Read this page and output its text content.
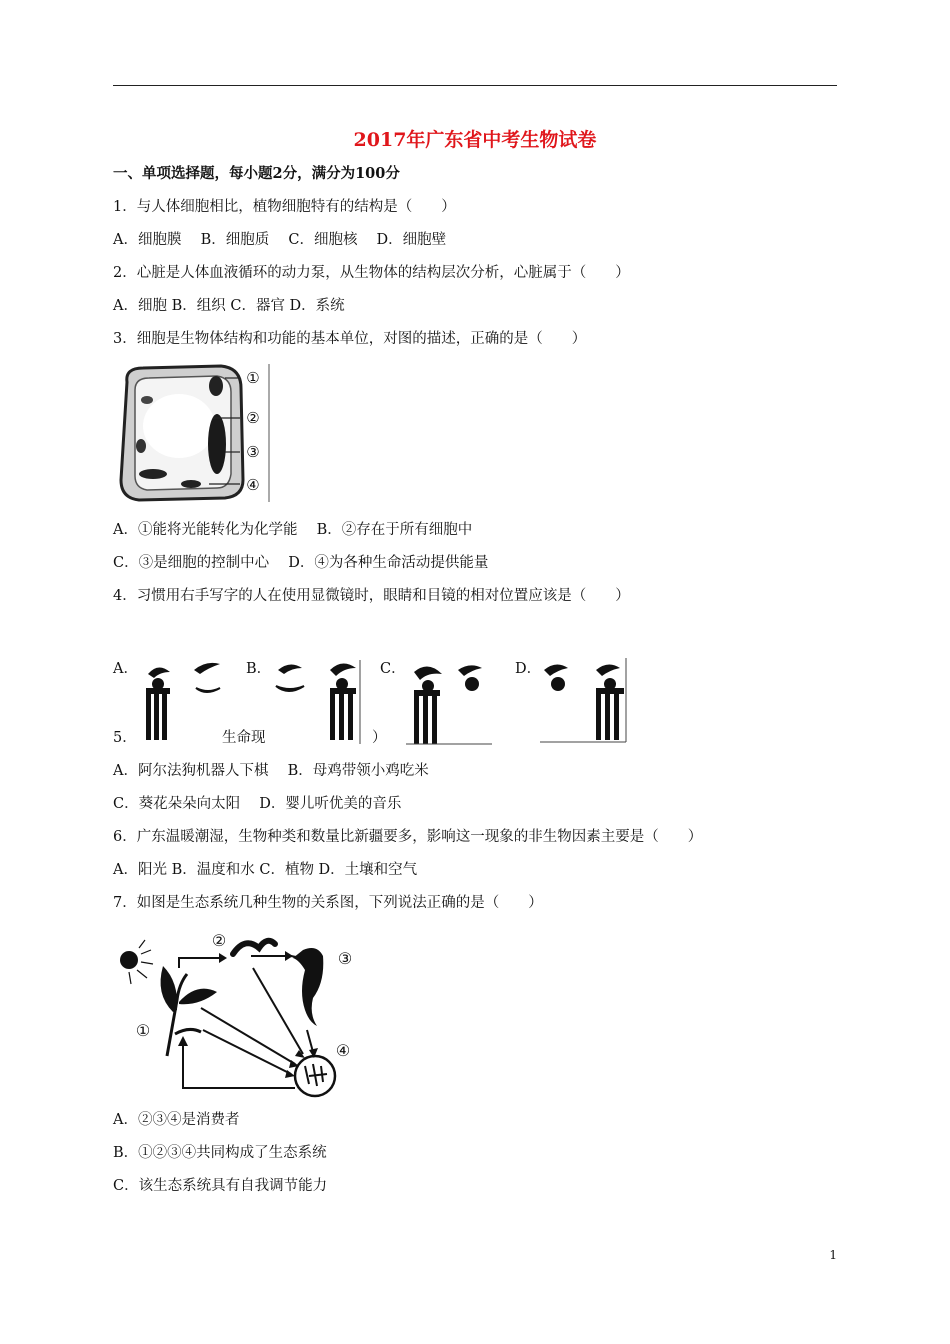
2017年广东省中考生物试卷
一、单项选择题，每小题2分，满分为100分
1．与人体细胞相比，植物细胞特有的结构是（　　）
A．细胞膜　 B．细胞质　 C．细胞核　 D．细胞壁
2．心脏是人体血液循环的动力泵，从生物体的结构层次分析，心脏属于（　　）
A．细胞 B．组织 C．器官 D．系统
3．细胞是生物体结构和功能的基本单位，对图的描述，正确的是（　　）
①
②
③
④
A．①能将光能转化为化学能　 B．②存在于所有细胞中
C．③是细胞的控制中心　 D．④为各种生命活动提供能量
4．习惯用右手写字的人在使用显微镜时，眼睛和目镜的相对位置应该是（　　）
A．	B．	C．	D．
5．	生命现	）
A．阿尔法狗机器人下棋　 B．母鸡带领小鸡吃米
C．葵花朵朵向太阳　 D．婴儿听优美的音乐
6．广东温暖潮湿，生物种类和数量比新疆要多，影响这一现象的非生物因素主要是（　　）
A．阳光 B．温度和水 C．植物 D．土壤和空气
7．如图是生态系统几种生物的关系图，下列说法正确的是（　　）
①
②
③
④
A．②③④是消费者
B．①②③④共同构成了生态系统
C．该生态系统具有自我调节能力
1
